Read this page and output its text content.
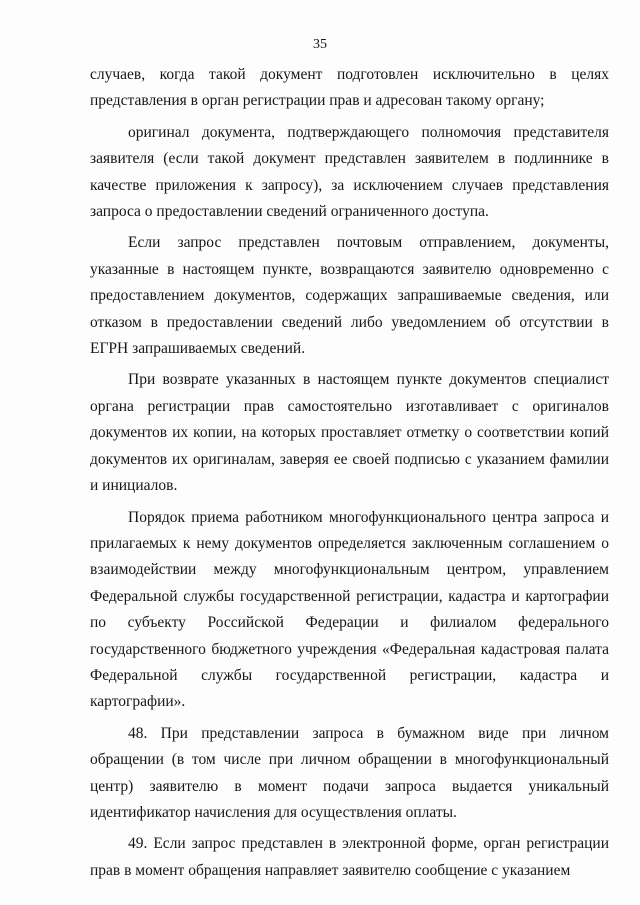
35

случаев, когда такой документ подготовлен исключительно в целях представления в орган регистрации прав и адресован такому органу;

оригинал документа, подтверждающего полномочия представителя заявителя (если такой документ представлен заявителем в подлиннике в качестве приложения к запросу), за исключением случаев представления запроса о предоставлении сведений ограниченного доступа.

Если запрос представлен почтовым отправлением, документы, указанные в настоящем пункте, возвращаются заявителю одновременно с предоставлением документов, содержащих запрашиваемые сведения, или отказом в предоставлении сведений либо уведомлением об отсутствии в ЕГРН запрашиваемых сведений.

При возврате указанных в настоящем пункте документов специалист органа регистрации прав самостоятельно изготавливает с оригиналов документов их копии, на которых проставляет отметку о соответствии копий документов их оригиналам, заверяя ее своей подписью с указанием фамилии и инициалов.

Порядок приема работником многофункционального центра запроса и прилагаемых к нему документов определяется заключенным соглашением о взаимодействии между многофункциональным центром, управлением Федеральной службы государственной регистрации, кадастра и картографии по субъекту Российской Федерации и филиалом федерального государственного бюджетного учреждения «Федеральная кадастровая палата Федеральной службы государственной регистрации, кадастра и картографии».

48. При представлении запроса в бумажном виде при личном обращении (в том числе при личном обращении в многофункциональный центр) заявителю в момент подачи запроса выдается уникальный идентификатор начисления для осуществления оплаты.

49. Если запрос представлен в электронной форме, орган регистрации прав в момент обращения направляет заявителю сообщение с указанием
